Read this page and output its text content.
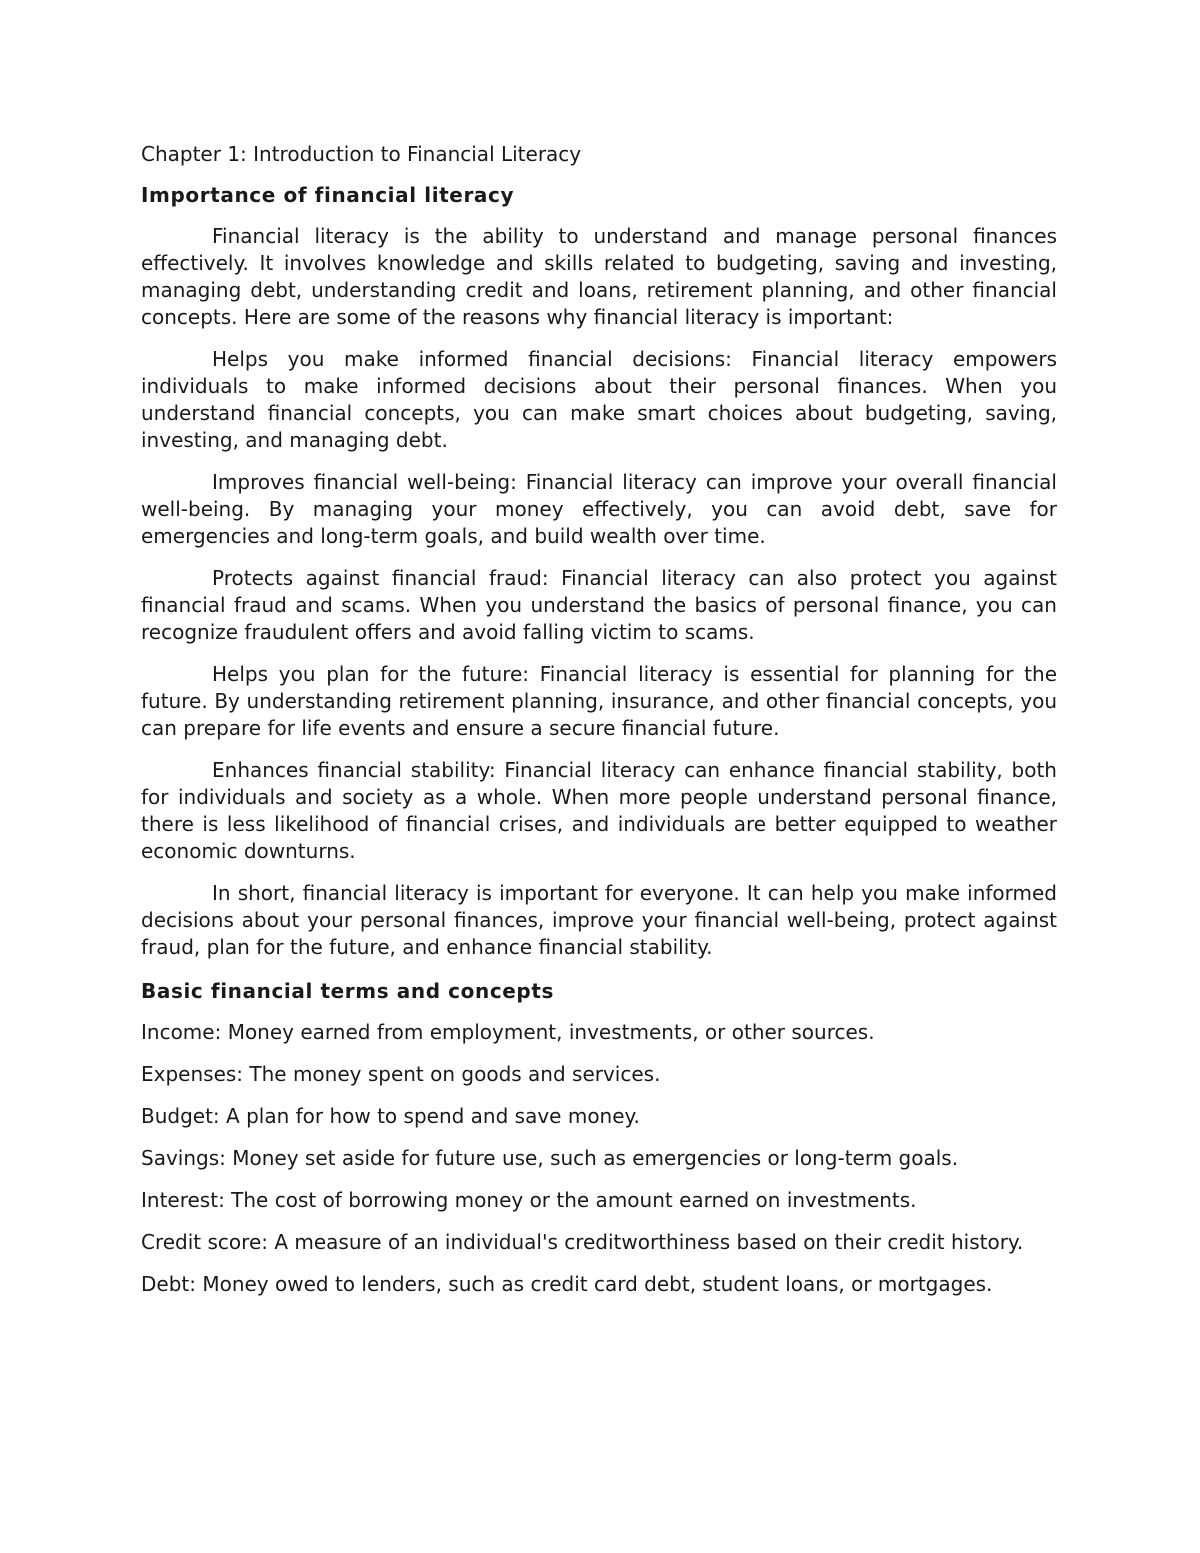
Chapter 1: Introduction to Financial Literacy
Importance of financial literacy

Financial literacy is the ability to understand and manage personal finances effectively. It involves knowledge and skills related to budgeting, saving and investing, managing debt, understanding credit and loans, retirement planning, and other financial concepts. Here are some of the reasons why financial literacy is important:

Helps you make informed financial decisions: Financial literacy empowers individuals to make informed decisions about their personal finances. When you understand financial concepts, you can make smart choices about budgeting, saving, investing, and managing debt.

Improves financial well-being: Financial literacy can improve your overall financial well-being. By managing your money effectively, you can avoid debt, save for emergencies and long-term goals, and build wealth over time.

Protects against financial fraud: Financial literacy can also protect you against financial fraud and scams. When you understand the basics of personal finance, you can recognize fraudulent offers and avoid falling victim to scams.

Helps you plan for the future: Financial literacy is essential for planning for the future. By understanding retirement planning, insurance, and other financial concepts, you can prepare for life events and ensure a secure financial future.

Enhances financial stability: Financial literacy can enhance financial stability, both for individuals and society as a whole. When more people understand personal finance, there is less likelihood of financial crises, and individuals are better equipped to weather economic downturns.

In short, financial literacy is important for everyone. It can help you make informed decisions about your personal finances, improve your financial well-being, protect against fraud, plan for the future, and enhance financial stability.

Basic financial terms and concepts

Income: Money earned from employment, investments, or other sources.

Expenses: The money spent on goods and services.

Budget: A plan for how to spend and save money.

Savings: Money set aside for future use, such as emergencies or long-term goals.

Interest: The cost of borrowing money or the amount earned on investments.

Credit score: A measure of an individual's creditworthiness based on their credit history.

Debt: Money owed to lenders, such as credit card debt, student loans, or mortgages.
